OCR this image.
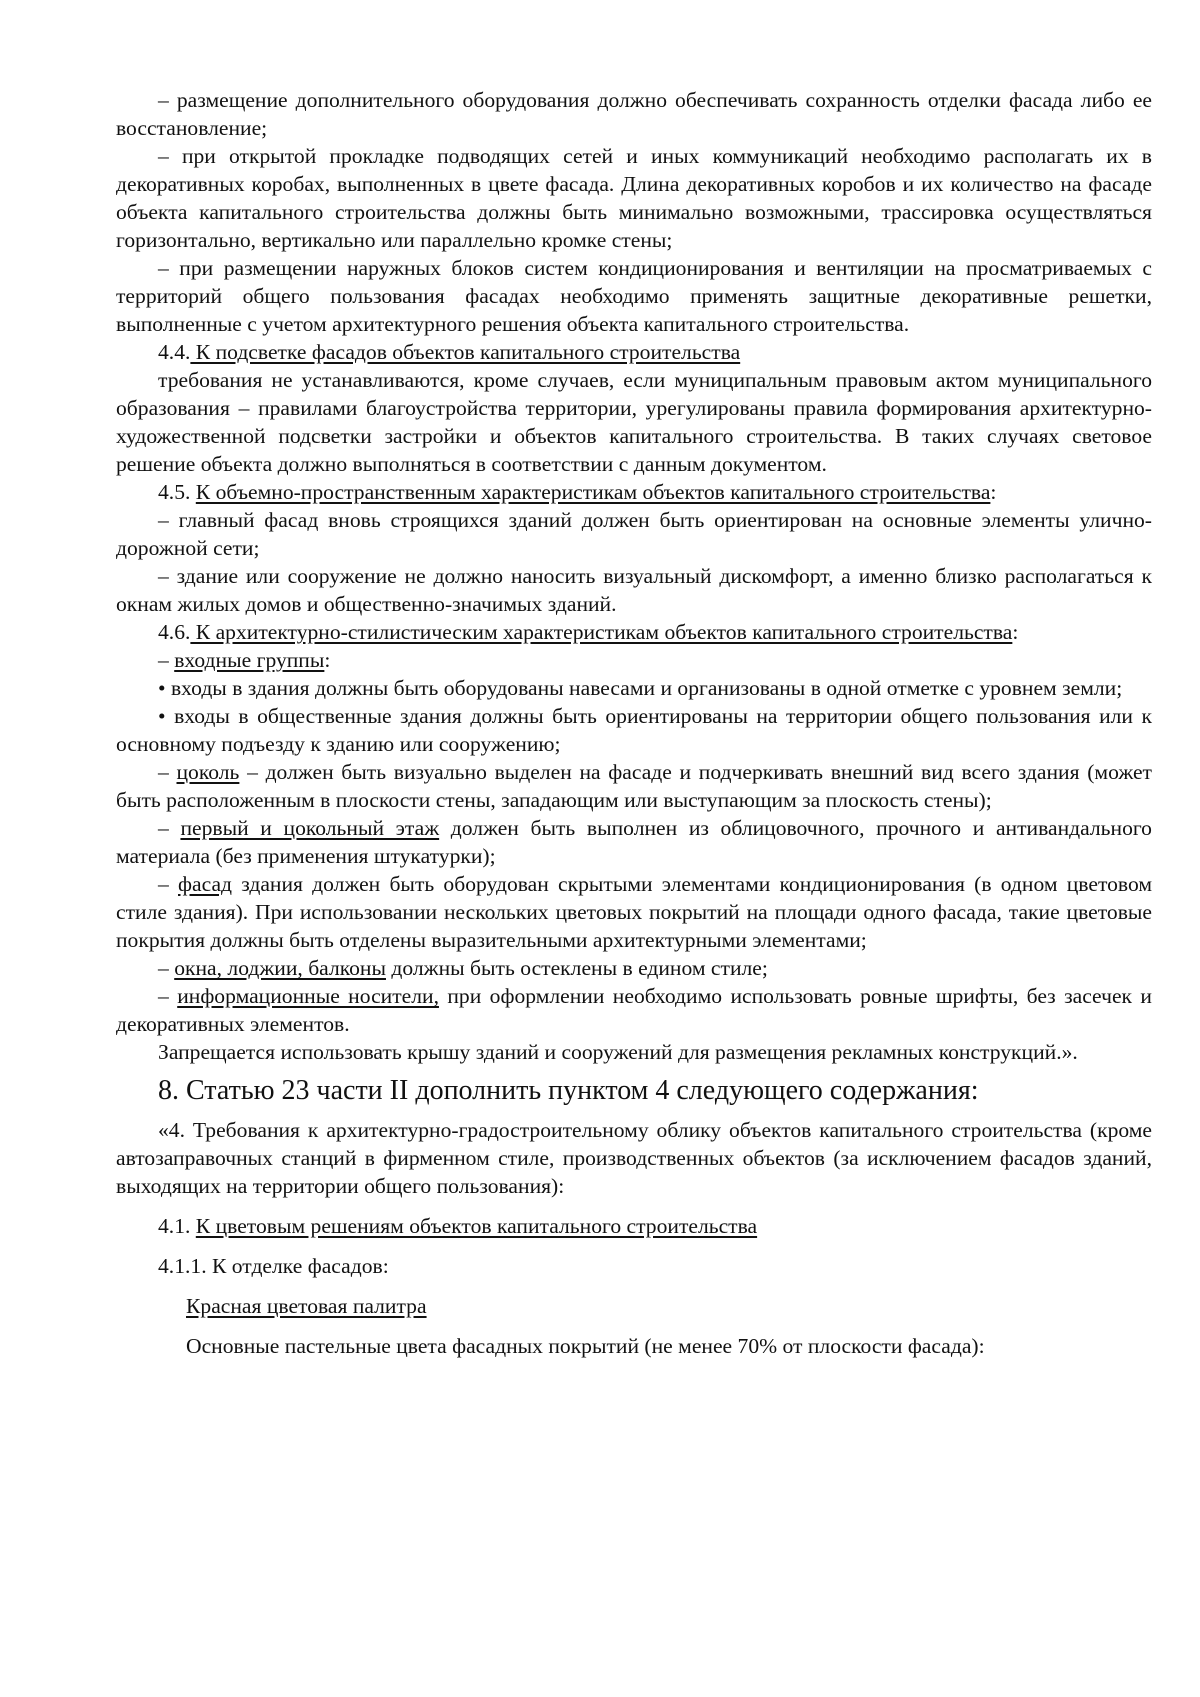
– размещение дополнительного оборудования должно обеспечивать сохранность отделки фасада либо ее восстановление;

– при открытой прокладке подводящих сетей и иных коммуникаций необходимо располагать их в декоративных коробах, выполненных в цвете фасада. Длина декоративных коробов и их количество на фасаде объекта капитального строительства должны быть минимально возможными, трассировка осуществляться горизонтально, вертикально или параллельно кромке стены;

– при размещении наружных блоков систем кондиционирования и вентиляции на просматриваемых с территорий общего пользования фасадах необходимо применять защитные декоративные решетки, выполненные с учетом архитектурного решения объекта капитального строительства.

4.4. К подсветке фасадов объектов капитального строительства

требования не устанавливаются, кроме случаев, если муниципальным правовым актом муниципального образования – правилами благоустройства территории, урегулированы правила формирования архитектурно-художественной подсветки застройки и объектов капитального строительства. В таких случаях световое решение объекта должно выполняться в соответствии с данным документом.

4.5. К объемно-пространственным характеристикам объектов капитального строительства:

– главный фасад вновь строящихся зданий должен быть ориентирован на основные элементы улично-дорожной сети;

– здание или сооружение не должно наносить визуальный дискомфорт, а именно близко располагаться к окнам жилых домов и общественно-значимых зданий.

4.6. К архитектурно-стилистическим характеристикам объектов капитального строительства:

– входные группы:

• входы в здания должны быть оборудованы навесами и организованы в одной отметке с уровнем земли;

• входы в общественные здания должны быть ориентированы на территории общего пользования или к основному подъезду к зданию или сооружению;

– цоколь – должен быть визуально выделен на фасаде и подчеркивать внешний вид всего здания (может быть расположенным в плоскости стены, западающим или выступающим за плоскость стены);

– первый и цокольный этаж должен быть выполнен из облицовочного, прочного и антивандального материала (без применения штукатурки);

– фасад здания должен быть оборудован скрытыми элементами кондиционирования (в одном цветовом стиле здания). При использовании нескольких цветовых покрытий на площади одного фасада, такие цветовые покрытия должны быть отделены выразительными архитектурными элементами;

– окна, лоджии, балконы должны быть остеклены в едином стиле;

– информационные носители, при оформлении необходимо использовать ровные шрифты, без засечек и декоративных элементов.

Запрещается использовать крышу зданий и сооружений для размещения рекламных конструкций.».

8. Статью 23 части II дополнить пунктом 4 следующего содержания:

«4. Требования к архитектурно-градостроительному облику объектов капитального строительства (кроме автозаправочных станций в фирменном стиле, производственных объектов (за исключением фасадов зданий, выходящих на территории общего пользования):

4.1. К цветовым решениям объектов капитального строительства

4.1.1. К отделке фасадов:

Красная цветовая палитра

Основные пастельные цвета фасадных покрытий (не менее 70% от плоскости фасада):
